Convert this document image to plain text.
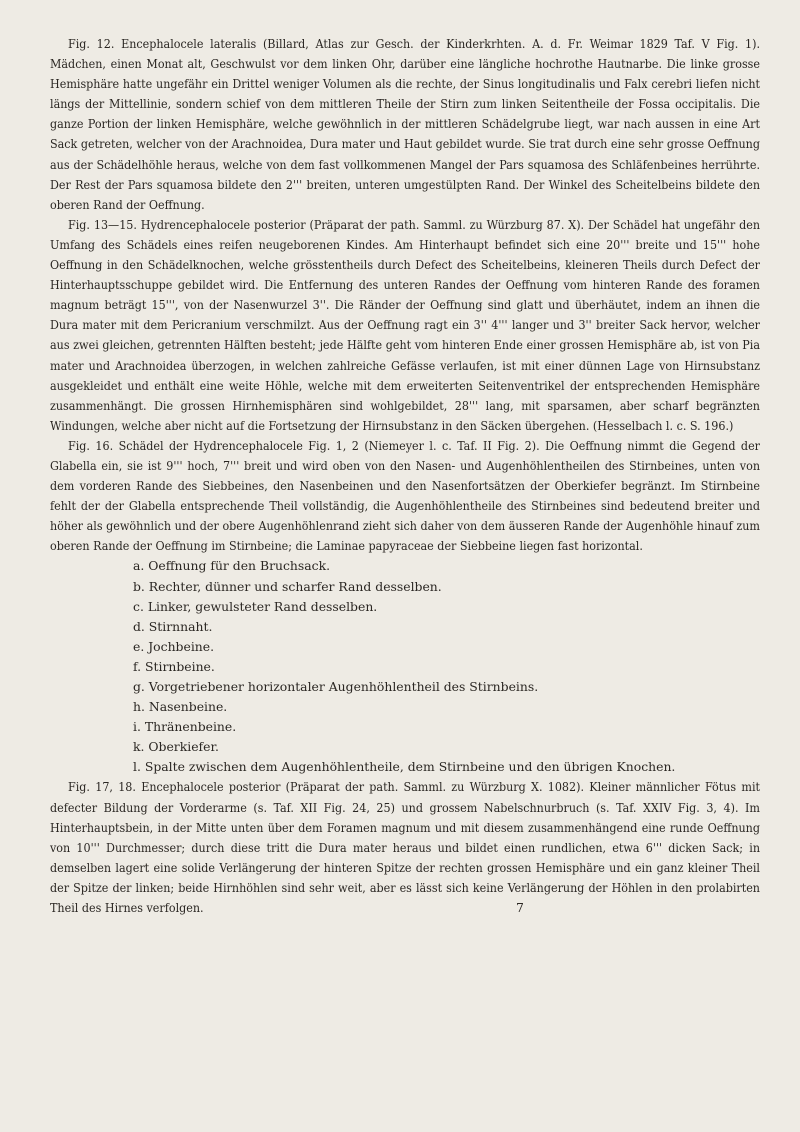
Fig. 12. Encephalocele lateralis (Billard, Atlas zur Gesch. der Kinderkrhten. A. d. Fr. Weimar 1829 Taf. V Fig. 1). Mädchen, einen Monat alt, Geschwulst vor dem linken Ohr, darüber eine längliche hochrothe Hautnarbe. Die linke grosse Hemisphäre hatte ungefähr ein Drittel weniger Volumen als die rechte, der Sinus longitudinalis und Falx cerebri liefen nicht längs der Mittellinie, sondern schief von dem mittleren Theile der Stirn zum linken Seitentheile der Fossa occipitalis. Die ganze Portion der linken Hemisphäre, welche gewöhnlich in der mittleren Schädelgrube liegt, war nach aussen in eine Art Sack getreten, welcher von der Arachnoidea, Dura mater und Haut gebildet wurde. Sie trat durch eine sehr grosse Oeffnung aus der Schädelhöhle heraus, welche von dem fast vollkommenen Mangel der Pars squamosa des Schläfenbeines herrührte. Der Rest der Pars squamosa bildete den 2''' breiten, unteren umgestülpten Rand. Der Winkel des Scheitelbeins bildete den oberen Rand der Oeffnung.

Fig. 13—15. Hydrencephalocele posterior (Präparat der path. Samml. zu Würzburg 87. X). Der Schädel hat ungefähr den Umfang des Schädels eines reifen neugeborenen Kindes. Am Hinterhaupt befindet sich eine 20''' breite und 15''' hohe Oeffnung in den Schädelknochen, welche grösstentheils durch Defect des Scheitelbeins, kleineren Theils durch Defect der Hinterhauptsschuppe gebildet wird. Die Entfernung des unteren Randes der Oeffnung vom hinteren Rande des foramen magnum beträgt 15''', von der Nasenwurzel 3''. Die Ränder der Oeffnung sind glatt und überhäutet, indem an ihnen die Dura mater mit dem Pericranium verschmilzt. Aus der Oeffnung ragt ein 3'' 4''' langer und 3'' breiter Sack hervor, welcher aus zwei gleichen, getrennten Hälften besteht; jede Hälfte geht vom hinteren Ende einer grossen Hemisphäre ab, ist von Pia mater und Arachnoidea überzogen, in welchen zahlreiche Gefässe verlaufen, ist mit einer dünnen Lage von Hirnsubstanz ausgekleidet und enthält eine weite Höhle, welche mit dem erweiterten Seitenventrikel der entsprechenden Hemisphäre zusammenhängt. Die grossen Hirnhemisphären sind wohlgebildet, 28''' lang, mit sparsamen, aber scharf begränzten Windungen, welche aber nicht auf die Fortsetzung der Hirnsubstanz in den Säcken übergehen. (Hesselbach l. c. S. 196.)

Fig. 16. Schädel der Hydrencephalocele Fig. 1, 2 (Niemeyer l. c. Taf. II Fig. 2). Die Oeffnung nimmt die Gegend der Glabella ein, sie ist 9''' hoch, 7''' breit und wird oben von den Nasen- und Augenhöhlentheilen des Stirnbeines, unten von dem vorderen Rande des Siebbeines, den Nasenbeinen und den Nasenfortsätzen der Oberkiefer begränzt. Im Stirnbeine fehlt der der Glabella entsprechende Theil vollständig, die Augenhöhlentheile des Stirnbeines sind bedeutend breiter und höher als gewöhnlich und der obere Augenhöhlenrand zieht sich daher von dem äusseren Rande der Augenhöhle hinauf zum oberen Rande der Oeffnung im Stirnbeine; die Laminae papyraceae der Siebbeine liegen fast horizontal.

a. Oeffnung für den Bruchsack.
b. Rechter, dünner und scharfer Rand desselben.
c. Linker, gewulsteter Rand desselben.
d. Stirnnaht.
e. Jochbeine.
f. Stirnbeine.
g. Vorgetriebener horizontaler Augenhöhlentheil des Stirnbeins.
h. Nasenbeine.
i. Thränenbeine.
k. Oberkiefer.
l. Spalte zwischen dem Augenhöhlentheile, dem Stirnbeine und den übrigen Knochen.

Fig. 17, 18. Encephalocele posterior (Präparat der path. Samml. zu Würzburg X. 1082). Kleiner männlicher Fötus mit defecter Bildung der Vorderarme (s. Taf. XII Fig. 24, 25) und grossem Nabelschnurbruch (s. Taf. XXIV Fig. 3, 4). Im Hinterhauptsbein, in der Mitte unten über dem Foramen magnum und mit diesem zusammenhängend eine runde Oeffnung von 10''' Durchmesser; durch diese tritt die Dura mater heraus und bildet einen rundlichen, etwa 6''' dicken Sack; in demselben lagert eine solide Verlängerung der hinteren Spitze der rechten grossen Hemisphäre und ein ganz kleiner Theil der Spitze der linken; beide Hirnhöhlen sind sehr weit, aber es lässt sich keine Verlängerung der Höhlen in den prolabirten Theil des Hirnes verfolgen.	7
